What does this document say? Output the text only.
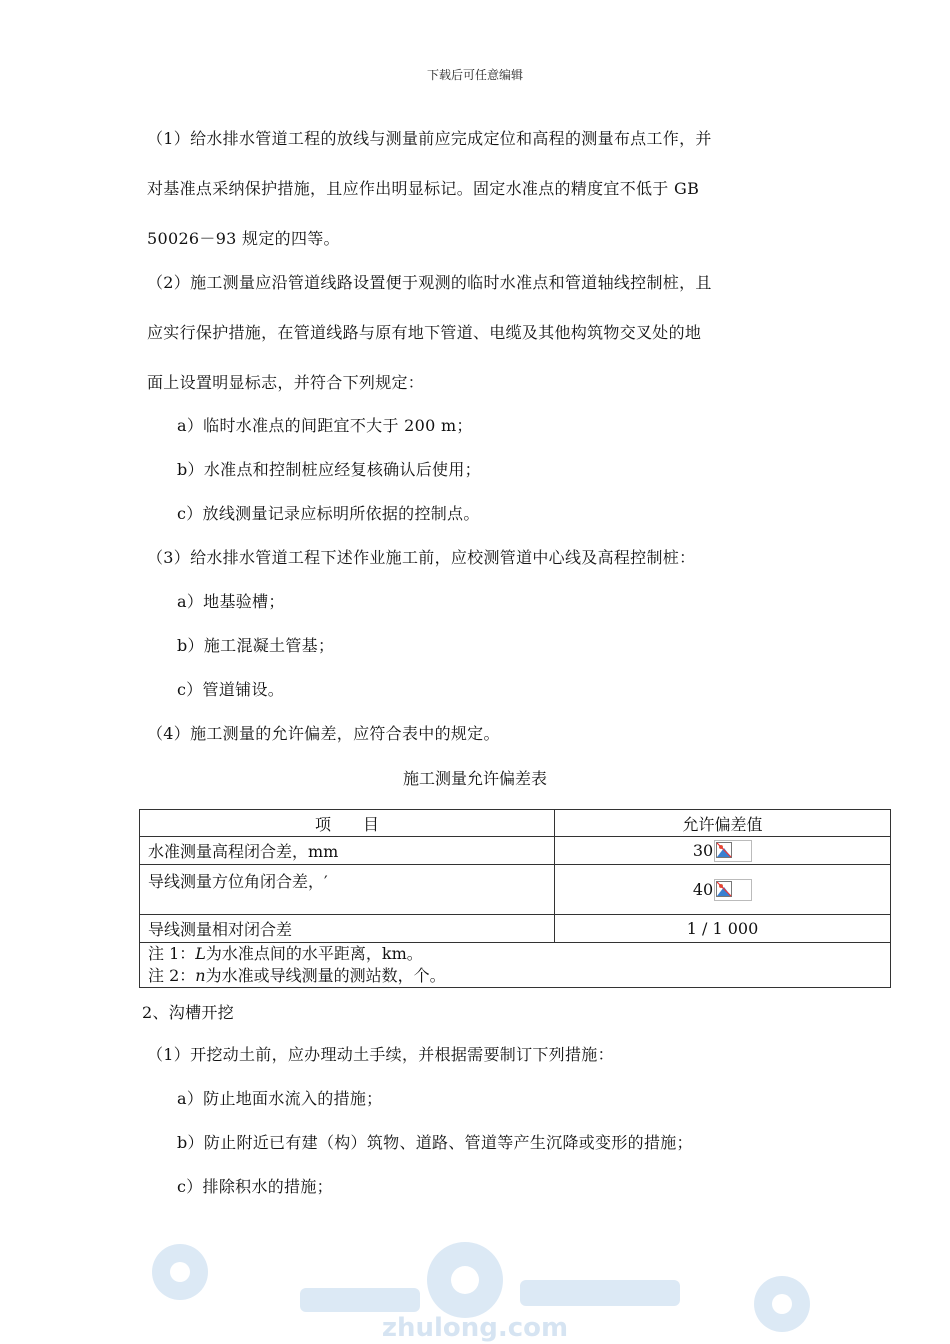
下载后可任意编辑
（1）给水排水管道工程的放线与测量前应完成定位和高程的测量布点工作，并
对基准点采纳保护措施，且应作出明显标记。固定水准点的精度宜不低于 GB
50026－93 规定的四等。
（2）施工测量应沿管道线路设置便于观测的临时水准点和管道轴线控制桩，且
应实行保护措施，在管道线路与原有地下管道、电缆及其他构筑物交叉处的地
面上设置明显标志，并符合下列规定：
a）临时水准点的间距宜不大于 200 m；
b）水准点和控制桩应经复核确认后使用；
c）放线测量记录应标明所依据的控制点。
（3）给水排水管道工程下述作业施工前，应校测管道中心线及高程控制桩：
a）地基验槽；
b）施工混凝土管基；
c）管道铺设。
（4）施工测量的允许偏差，应符合表中的规定。
施工测量允许偏差表
项　　目	允许偏差值
水准测量高程闭合差，mm	30

导线测量方位角闭合差，′	40

导线测量相对闭合差	1 / 1 000

注 1：L为水准点间的水平距离，km。
注 2：n为水准或导线测量的测站数，个。	
2、沟槽开挖
（1）开挖动土前，应办理动土手续，并根据需要制订下列措施：
a）防止地面水流入的措施；
b）防止附近已有建（构）筑物、道路、管道等产生沉降或变形的措施；
c）排除积水的措施；
zhulong.com
